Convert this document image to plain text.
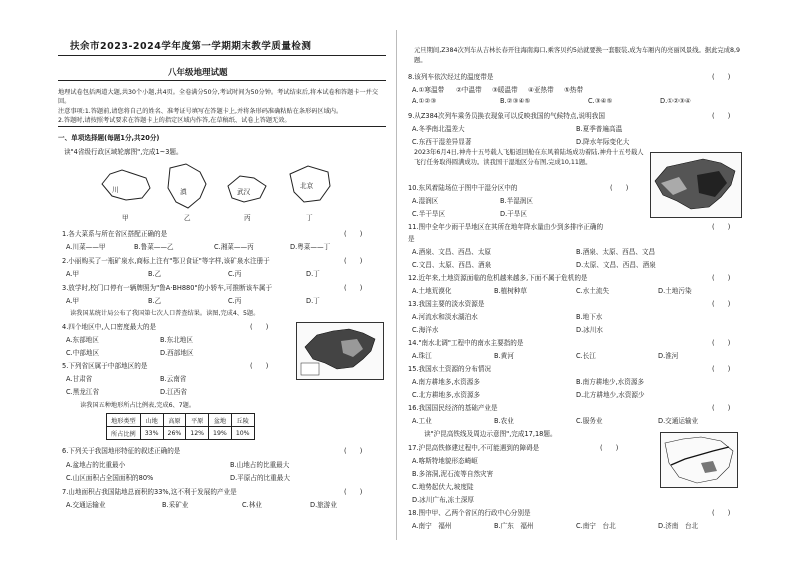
扶余市2023-2024学年度第一学期期末教学质量检测
八年级地理试题
地理试卷包括两道大题,共30个小题,共4页。全卷满分50分,考试时间为50分钟。考试结束后,将本试卷和答题卡一并交回。
注意事项:1.答题前,请您将自己的姓名、准考证号填写在答题卡上,并将条形码准确粘贴在条形码区域内。
2.答题时,请按照考试要求在答题卡上的指定区域内作答,在草稿纸、试卷上答题无效。
一、单项选择题(每题1分,共20分)
读"4省级行政区域轮廓图",完成1~3题。
川	滇	武汉
北京
甲	乙	丙	丁
1.各大菜系与所在省区搭配正确的是	(　　)
A.川菜——甲	B.鲁菜——乙	C.湘菜——丙	D.粤菜——丁
2.小丽购买了一瓶矿泉水,商标上注有"鄂卫食证"等字样,该矿泉水注册于	(　　)
A.甲	B.乙	C.丙	D.丁
3.放学时,校门口停有一辆牌照为"鲁A·BH880"的小轿车,可推断该车属于	(　　)
A.甲	B.乙	C.丙	D.丁
读我国某统计局公布了我国第七次人口普查结果。读图,完成4、5题。
4.四个地区中,人口密度最大的是	(　　)
A.东部地区	B.东北地区
C.中部地区	D.西部地区
5.下列省区属于中部地区的是	(　　)
A.甘肃省	B.云南省
C.黑龙江省	D.江西省
读我国五种地形所占比例表,完成6、7题。
地形类型	山地	高原	平原	盆地	丘陵
所占比例	33%	26%	12%	19%	10%
6.下列关于我国地形特征的叙述正确的是	(　　)
A.盆地占的比重最小	B.山地占的比重最大
C.山区面积占全国面积的80%	D.平原占的比重最大
7.山地面积占我国陆地总面积的33%,这不利于发展的产业是	(　　)
A.交通运输业	B.采矿业	C.林业	D.旅游业
元旦期间,Z384次列车从吉林长春开往海南海口,乘客贝约5站就要换一套服装,成为车厢内的亮丽风景线。据此完成8,9题。
8.该列车依次经过的温度带是	(　　)
A.①寒温带 ②中温带 ③暖温带 ④亚热带 ⑤热带
A.①②③	B.②③④⑤	C.③④⑤	D.①②③④
9.从Z384次列车乘务员换衣现象可以反映我国的气候特点,说明我国	(　　)
A.冬季南北温差大	B.夏季普遍高温
C.东西干湿差异显著	D.降水年际变化大
2023年6月4日,神舟十五号载人飞船返回舱在东风着陆场成功着陆,神舟十五号载人飞行任务取得圆满成功。读我国干湿地区分布图,完成10,11题。
10.东风着陆场位于图中干湿分区中的	(　　)
A.湿润区	B.半湿润区
C.半干旱区	D.干旱区
11.图中全年少雨干旱地区在其所在地年降水量由少到多排序正确的	(　　)
是
A.酒泉、文昌、西昌、太原	B.酒泉、太原、西昌、文昌
C.文昌、太原、西昌、酒泉	D.太原、文昌、西昌、酒泉
12.近年来,土地资源面临的危机越来越多,下面不属于危机的是	(　　)
A.土地荒漠化	B.植树种草	C.水土流失	D.土地污染
13.我国主要的淡水资源是	(　　)
A.河流水和淡水湖泊水	B.地下水
C.海洋水	D.冰川水
14."南水北调"工程中的南水主要指的是	(　　)
A.珠江	B.黄河	C.长江	D.淮河
15.我国水土资源的分布情况	(　　)
A.南方耕地多,水资源多	B.南方耕地少,水资源多
C.北方耕地多,水资源多	D.北方耕地少,水资源少
16.我国国民经济的基础产业是	(　　)
A.工业	B.农业	C.服务业	D.交通运输业
读"沪昆高铁线及周边示意图",完成17,18题。
17.沪昆高铁修建过程中,不可能遇到的障碍是	(　　)
A.喀斯特地貌形态崎岖
B.多溶洞,泥石流等自然灾害
C.地势起伏大,坡度陡
D.冰川广布,冻土深厚
18.图中甲、乙两个省区的行政中心分别是	(　　)
A.南宁　福州	B.广东　福州	C.南宁　台北	D.济南　台北
